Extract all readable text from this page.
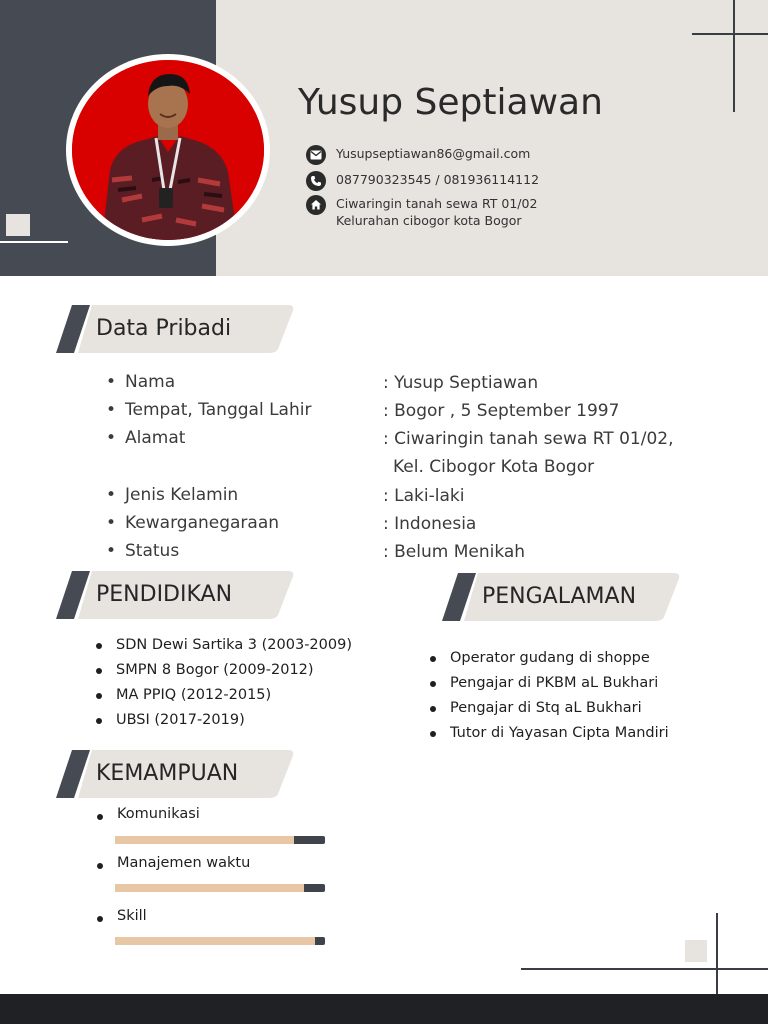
Yusup Septiawan
Yusupseptiawan86@gmail.com
087790323545 / 081936114112
Ciwaringin tanah sewa RT 01/02
Kelurahan cibogor kota Bogor
Data Pribadi
• Nama	: Yusup Septiawan
• Tempat, Tanggal Lahir	: Bogor , 5 September 1997
• Alamat	: Ciwaringin tanah sewa RT 01/02,
Kel. Cibogor Kota Bogor
• Jenis Kelamin	: Laki-laki
• Kewarganegaraan	: Indonesia
• Status	: Belum Menikah
PENDIDIKAN
SDN Dewi Sartika 3 (2003-2009)
SMPN 8 Bogor (2009-2012)
MA PPIQ (2012-2015)
UBSI (2017-2019)
PENGALAMAN
Operator gudang di shoppe
Pengajar di PKBM aL Bukhari
Pengajar di Stq aL Bukhari
Tutor di Yayasan Cipta Mandiri
KEMAMPUAN
Komunikasi
Manajemen waktu
Skill
